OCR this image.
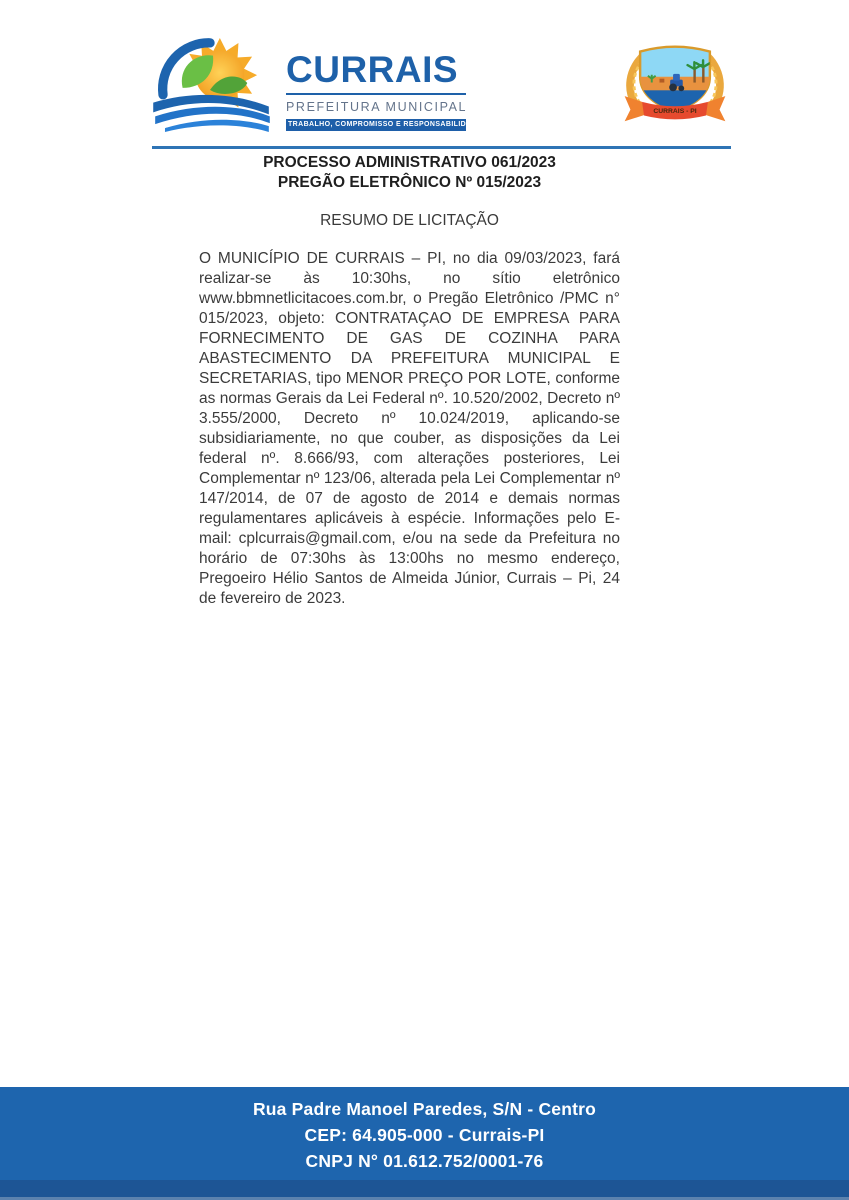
CURRAIS
PREFEITURA MUNICIPAL
TRABALHO, COMPROMISSO E RESPONSABILIDADE
CURRAIS - PI
PROCESSO ADMINISTRATIVO 061/2023
PREGÃO ELETRÔNICO Nº 015/2023
RESUMO DE LICITAÇÃO

O MUNICÍPIO DE CURRAIS – PI, no dia 09/03/2023, fará realizar-se às 10:30hs, no sítio eletrônico www.bbmnetlicitacoes.com.br, o Pregão Eletrônico /PMC n° 015/2023, objeto: CONTRATAÇAO DE EMPRESA PARA FORNECIMENTO DE GAS DE COZINHA PARA ABASTECIMENTO DA PREFEITURA MUNICIPAL E SECRETARIAS, tipo MENOR PREÇO POR LOTE, conforme as normas Gerais da Lei Federal nº. 10.520/2002, Decreto nº 3.555/2000, Decreto nº 10.024/2019, aplicando-se subsidiariamente, no que couber, as disposições da Lei federal nº. 8.666/93, com alterações posteriores, Lei Complementar nº 123/06, alterada pela Lei Complementar nº 147/2014, de 07 de agosto de 2014 e demais normas regulamentares aplicáveis à espécie. Informações pelo E-mail: cplcurrais@gmail.com, e/ou na sede da Prefeitura no horário de 07:30hs às 13:00hs no mesmo endereço, Pregoeiro Hélio Santos de Almeida Júnior, Currais – Pi, 24 de fevereiro de 2023.

Rua Padre Manoel Paredes, S/N - Centro
CEP: 64.905-000 - Currais-PI
CNPJ N° 01.612.752/0001-76
